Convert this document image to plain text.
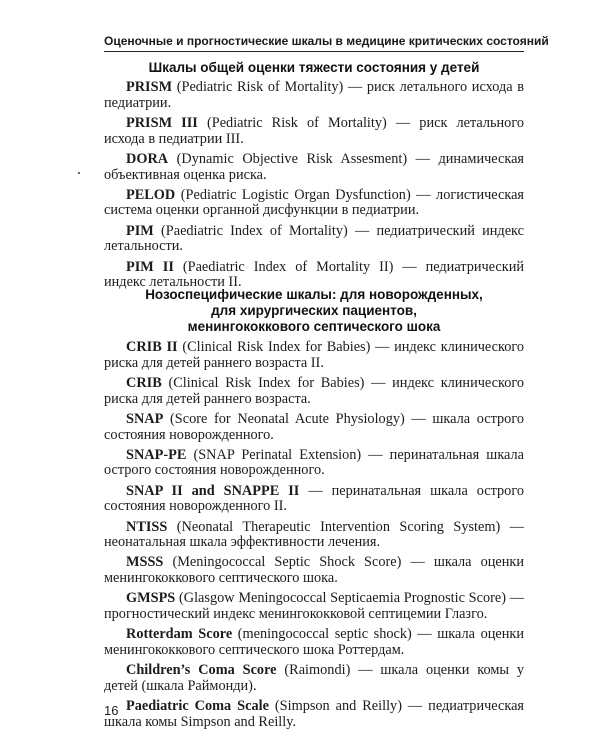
Оценочные и прогностические шкалы в медицине критических состояний
Шкалы общей оценки тяжести состояния у детей

PRISM (Pediatric Risk of Mortality) — риск летального исхода в педиатрии.

PRISM III (Pediatric Risk of Mortality) — риск летального исхода в педиатрии III.

DORA (Dynamic Objective Risk Assesment) — динамическая объективная оценка риска.

PELOD (Pediatric Logistic Organ Dysfunction) — логистическая система оценки органной дисфункции в педиатрии.

PIM (Paediatric Index of Mortality) — педиатрический индекс летальности.

PIM II (Paediatric Index of Mortality II) — педиатрический индекс летальности II.

Нозоспецифические шкалы: для новорожденных,
для хирургических пациентов,
менингококкового септического шока

CRIB II (Clinical Risk Index for Babies) — индекс клинического риска для детей раннего возраста II.

CRIB (Clinical Risk Index for Babies) — индекс клинического риска для детей раннего возраста.

SNAP (Score for Neonatal Acute Physiology) — шкала острого состояния новорожденного.

SNAP-PE (SNAP Perinatal Extension) — перинатальная шкала острого состояния новорожденного.

SNAP II and SNAPPE II — перинатальная шкала острого состояния новорожденного II.

NTISS (Neonatal Therapeutic Intervention Scoring System) — неонатальная шкала эффективности лечения.

MSSS (Meningococcal Septic Shock Score) — шкала оценки менингококкового септического шока.

GMSPS (Glasgow Meningococcal Septicaemia Prognostic Score) — прогностический индекс менингококковой септицемии Глазго.

Rotterdam Score (meningococcal septic shock) — шкала оценки менингококкового септического шока Роттердам.

Children’s Coma Score (Raimondi) — шкала оценки комы у детей (шкала Раймонди).

Paediatric Coma Scale (Simpson and Reilly) — педиатрическая шкала комы Simpson and Reilly.

16
